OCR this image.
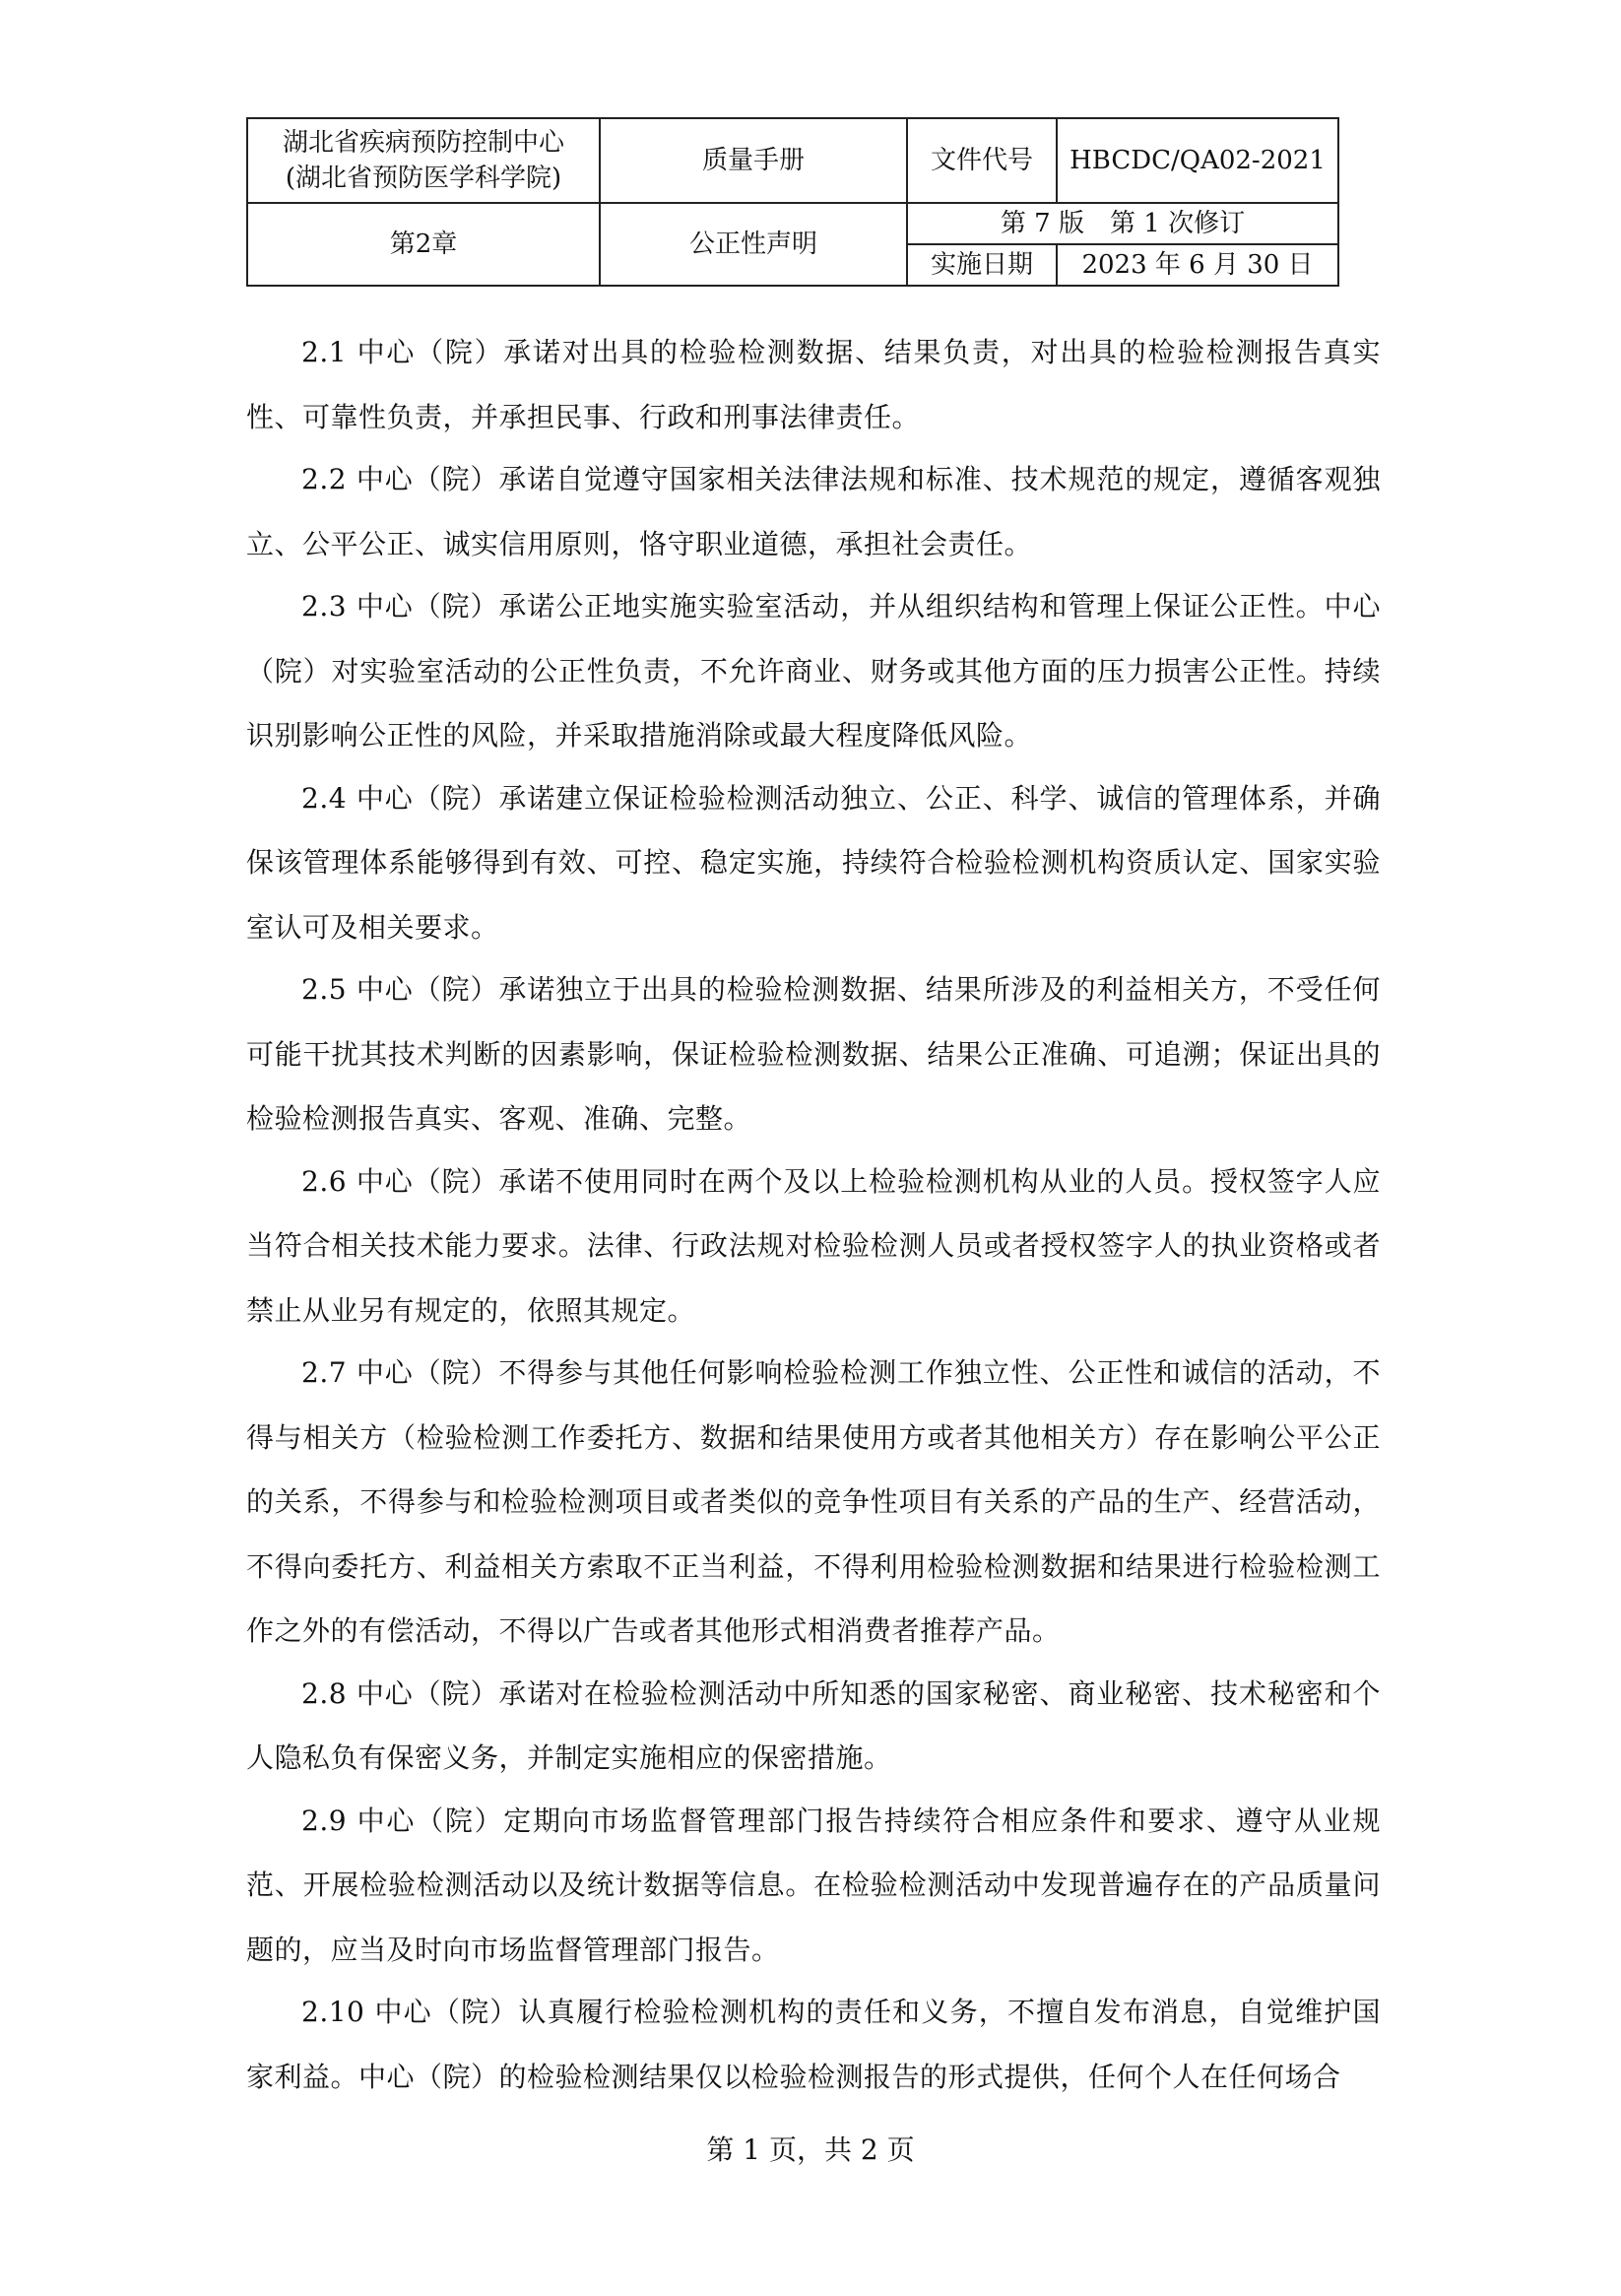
湖北省疾病预防控制中心
(湖北省预防医学科学院)	质量手册	文件代号	HBCDC/QA02-2021
第2章	公正性声明	第 7 版　第 1 次修订	
		实施日期	2023 年 6 月 30 日

2.1 中心（院）承诺对出具的检验检测数据、结果负责，对出具的检验检测报告真实性、可靠性负责，并承担民事、行政和刑事法律责任。

2.2 中心（院）承诺自觉遵守国家相关法律法规和标准、技术规范的规定，遵循客观独立、公平公正、诚实信用原则，恪守职业道德，承担社会责任。

2.3 中心（院）承诺公正地实施实验室活动，并从组织结构和管理上保证公正性。中心（院）对实验室活动的公正性负责，不允许商业、财务或其他方面的压力损害公正性。持续识别影响公正性的风险，并采取措施消除或最大程度降低风险。

2.4 中心（院）承诺建立保证检验检测活动独立、公正、科学、诚信的管理体系，并确保该管理体系能够得到有效、可控、稳定实施，持续符合检验检测机构资质认定、国家实验室认可及相关要求。

2.5 中心（院）承诺独立于出具的检验检测数据、结果所涉及的利益相关方，不受任何可能干扰其技术判断的因素影响，保证检验检测数据、结果公正准确、可追溯；保证出具的检验检测报告真实、客观、准确、完整。

2.6 中心（院）承诺不使用同时在两个及以上检验检测机构从业的人员。授权签字人应当符合相关技术能力要求。法律、行政法规对检验检测人员或者授权签字人的执业资格或者禁止从业另有规定的，依照其规定。

2.7 中心（院）不得参与其他任何影响检验检测工作独立性、公正性和诚信的活动，不得与相关方（检验检测工作委托方、数据和结果使用方或者其他相关方）存在影响公平公正的关系，不得参与和检验检测项目或者类似的竞争性项目有关系的产品的生产、经营活动，不得向委托方、利益相关方索取不正当利益，不得利用检验检测数据和结果进行检验检测工作之外的有偿活动，不得以广告或者其他形式相消费者推荐产品。

2.8 中心（院）承诺对在检验检测活动中所知悉的国家秘密、商业秘密、技术秘密和个人隐私负有保密义务，并制定实施相应的保密措施。

2.9 中心（院）定期向市场监督管理部门报告持续符合相应条件和要求、遵守从业规范、开展检验检测活动以及统计数据等信息。在检验检测活动中发现普遍存在的产品质量问题的，应当及时向市场监督管理部门报告。

2.10 中心（院）认真履行检验检测机构的责任和义务，不擅自发布消息，自觉维护国家利益。中心（院）的检验检测结果仅以检验检测报告的形式提供，任何个人在任何场合

第 1 页，共 2 页
